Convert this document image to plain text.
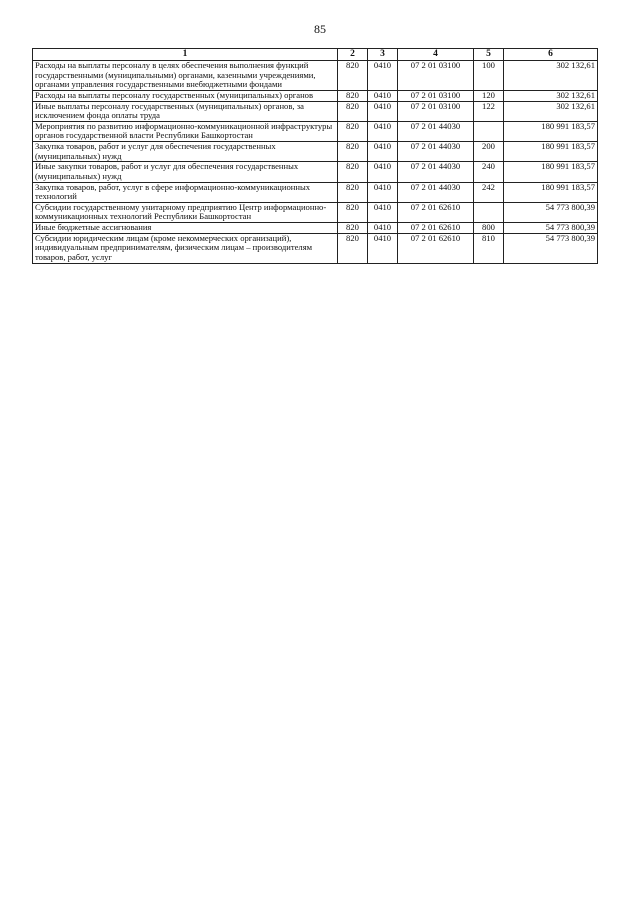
85
1	2	3	4	5	6
Расходы на выплаты персоналу в целях обеспечения выполнения функций государственными (муниципальными) органами, казенными учреждениями, органами управления государственными внебюджетными фондами	820	0410	07 2 01 03100	100	302 132,61
Расходы на выплаты персоналу государственных (муниципальных) органов	820	0410	07 2 01 03100	120	302 132,61
Иные выплаты персоналу государственных (муниципальных) органов, за исключением фонда оплаты труда	820	0410	07 2 01 03100	122	302 132,61
Мероприятия по развитию информационно-коммуникационной инфраструктуры органов государственной власти Республики Башкортостан	820	0410	07 2 01 44030		180 991 183,57
Закупка товаров, работ и услуг для обеспечения государственных (муниципальных) нужд	820	0410	07 2 01 44030	200	180 991 183,57
Иные закупки товаров, работ и услуг для обеспечения государственных (муниципальных) нужд	820	0410	07 2 01 44030	240	180 991 183,57
Закупка товаров, работ, услуг в сфере информационно-коммуникационных технологий	820	0410	07 2 01 44030	242	180 991 183,57
Субсидии государственному унитарному предприятию Центр информационно-коммуникационных технологий Республики Башкортостан	820	0410	07 2 01 62610		54 773 800,39
Иные бюджетные ассигнования	820	0410	07 2 01 62610	800	54 773 800,39
Субсидии юридическим лицам (кроме некоммерческих организаций), индивидуальным предпринимателям, физическим лицам – производителям товаров, работ, услуг	820	0410	07 2 01 62610	810	54 773 800,39
